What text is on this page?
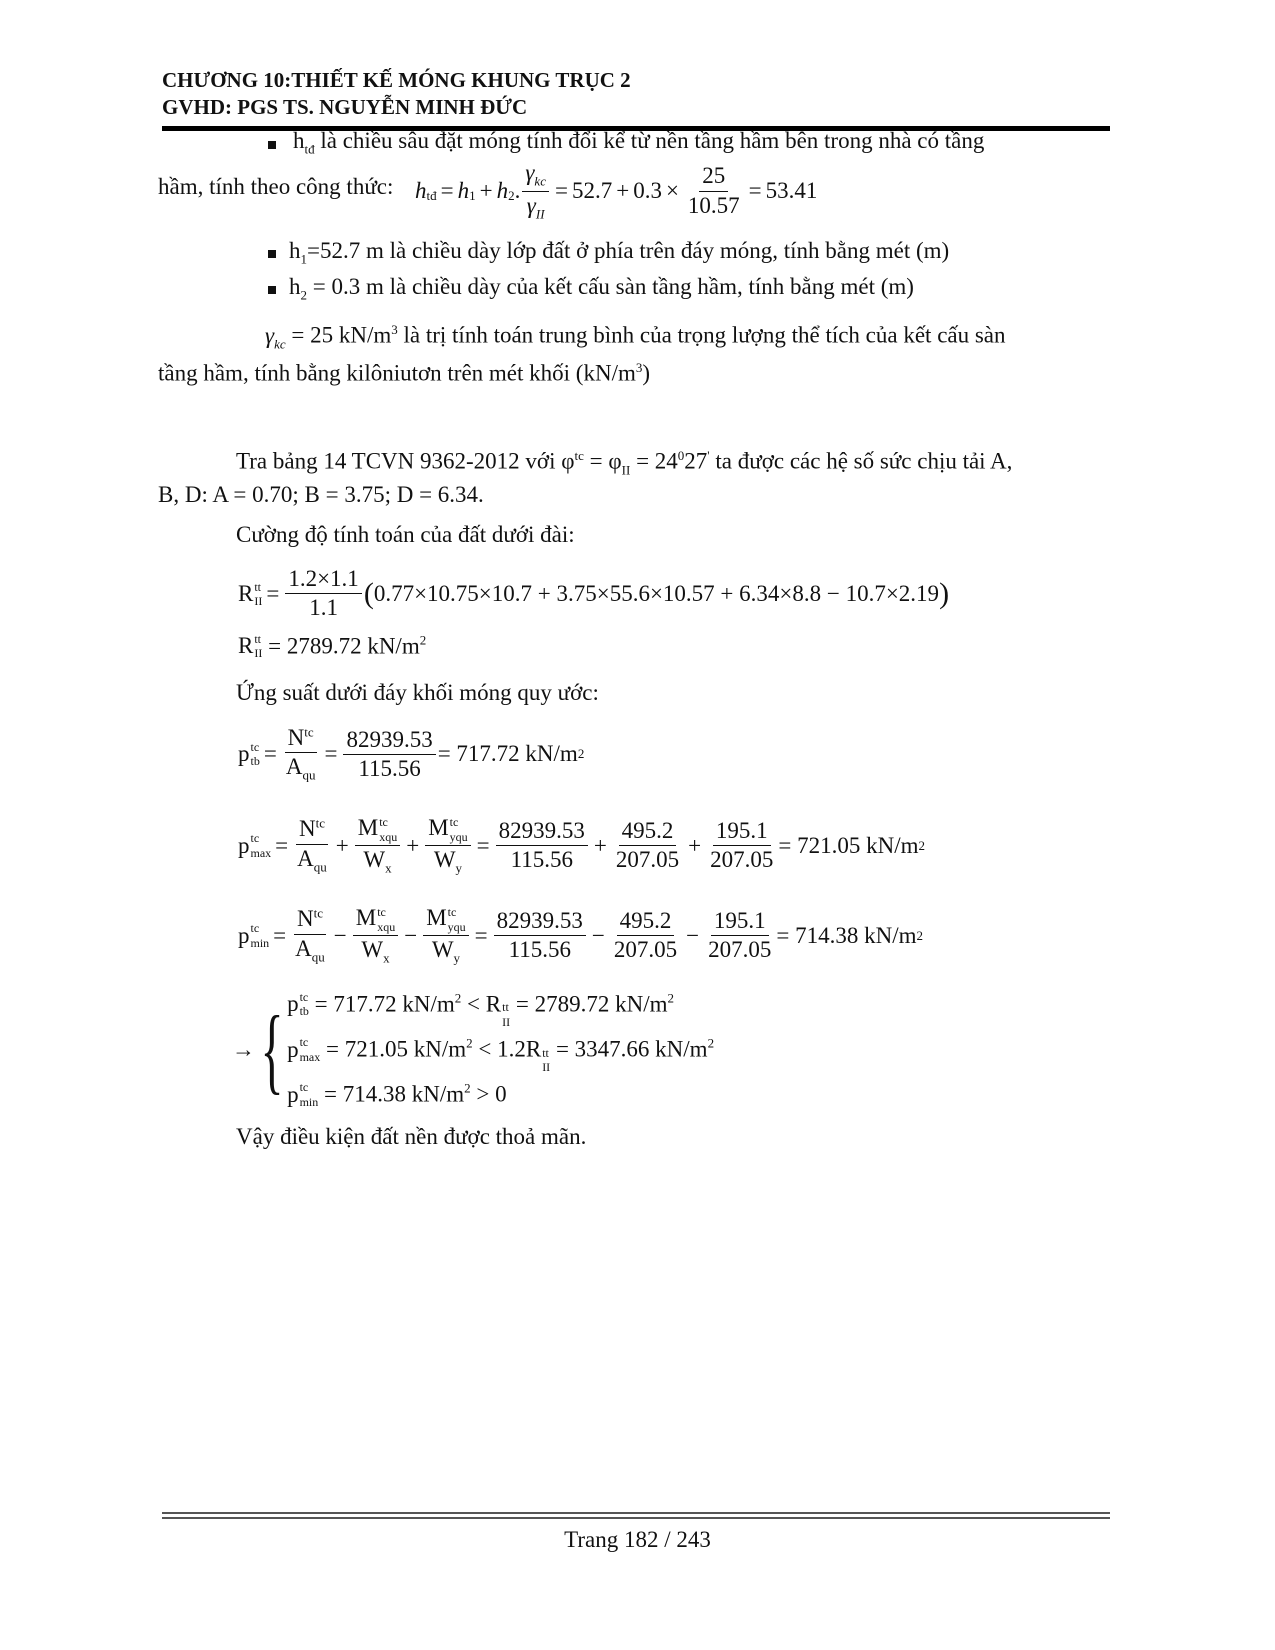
CHƯƠNG 10:THIẾT KẾ MÓNG KHUNG TRỤC 2
GVHD: PGS TS. NGUYỄN MINH ĐỨC
$h_{tđ}$ là chiều sâu đặt móng tính đổi kể từ nền tầng hầm bên trong nhà có tầng
hầm, tính theo công thức: $h_{tđ} = h_1 + h_2$ . $\frac{\gamma_{kc}}{\gamma_{II}} = 52.7 + 0.3 \times \frac{25}{10.57} = 53.41$
$h_1=52.7$ m là chiều dày lớp đất ở phía trên đáy móng, tính bằng mét (m)
$h_2 = 0.3$ m là chiều dày của kết cấu sàn tầng hầm, tính bằng mét (m)
$\gamma_{kc} = 25$ $kN/m^3$ là trị tính toán trung bình của trọng lượng thể tích của kết cấu sàn
tầng hầm, tính bằng kilôniutơn trên mét khối $(kN/m^3)$
Tra bảng 14 TCVN 9362-2012 với $\varphi^{tc} = \varphi_{II} = 24^027'$ ta được các hệ số sức chịu tải A,
B, D: A = 0.70; B = 3.75; D = 6.34.
Cường độ tính toán của đất dưới đài:
R tt
II = $\frac{1.2\times 1.1}{1.1}$ ( 0.77×10.75×10.7 + 3.75×55.6×10.57 + 6.34×8.8 − 10.7×2.19 )
R tt
II = 2789.72 $kN/m^2$
Ứng suất dưới đáy khối móng quy ước:
p tc
tb = $\frac{N^{tc}}{A_{qu}} = \frac{82939.53}{115.56} = 717.72$ kN/m 2
p tc
$\max = \frac{N^{tc}}{A_{qu}} + M$ tc
xqu
$W_x + M$ tc
yqu
$W_y = \frac{82939.53}{115.56} + \frac{495.2}{207.05} + \frac{195.1}{207.05} = 721.05$ kN/m 2
p tc
$\min = \frac{N^{tc}}{A_{qu}} - M$ tc
xqu
$W_x - M$ tc
yqu
$W_y = \frac{82939.53}{115.56} - \frac{495.2}{207.05} - \frac{195.1}{207.05} = 714.38$ kN/m 2
→ { p tc
tb = 717.72 $kN/m^2 < R$ tt
II
= 2789.72 $kN/m^2$
p tc
max = 721.05 $kN/m^2 < 1.2R$ tt
II
= 3347.66 $kN/m^2$
p tc
min = 714.38 $kN/m^2 > 0$
Vậy điều kiện đất nền được thoả mãn.
Trang 182 / 243
